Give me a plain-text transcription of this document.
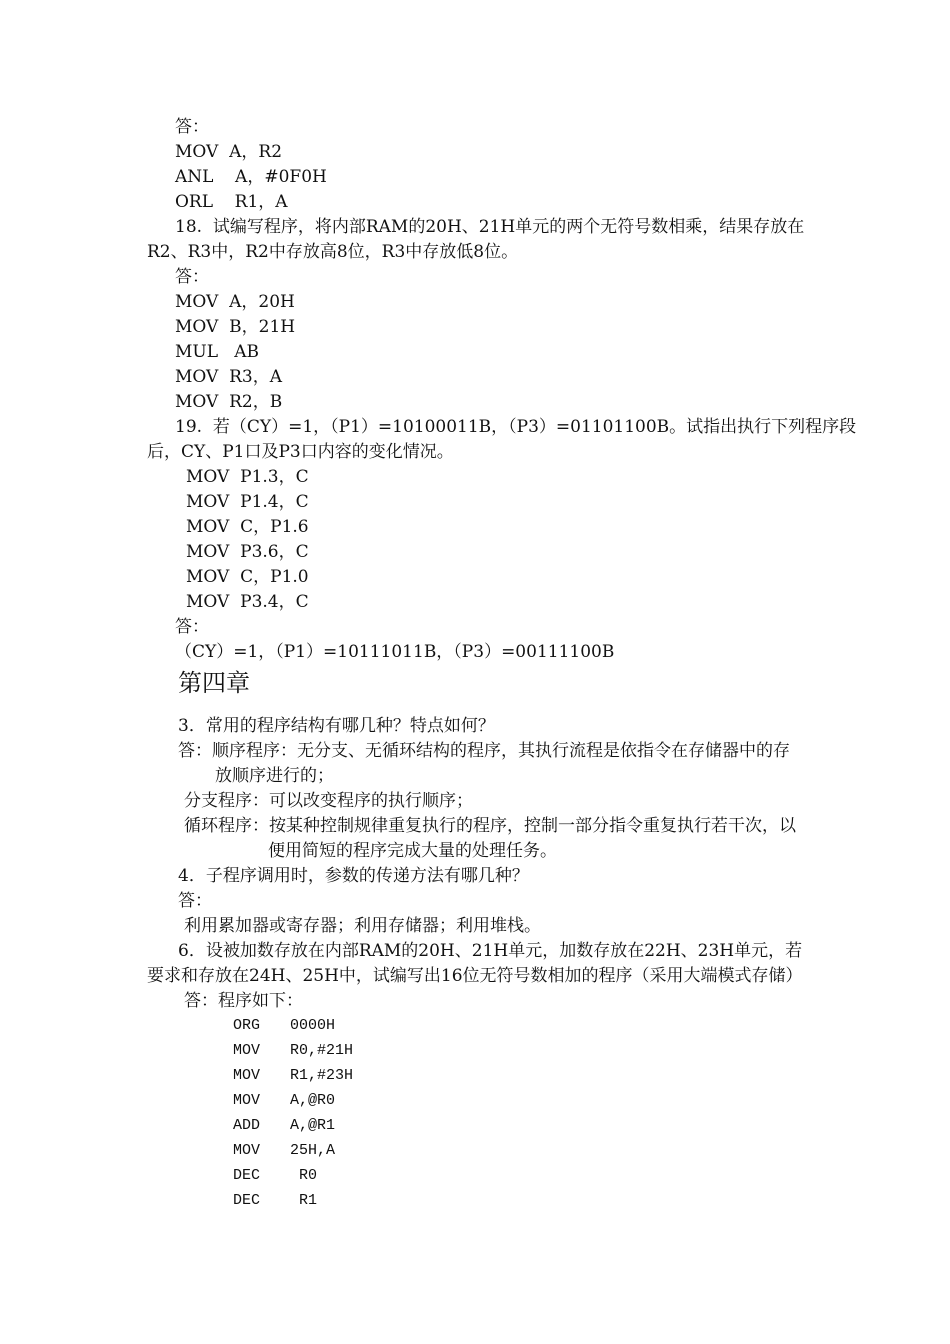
答：
MOV  A，R2
ANL    A，#0F0H
ORL    R1，A
18.  试编写程序，将内部RAM的20H、21H单元的两个无符号数相乘，结果存放在
R2、R3中，R2中存放高8位，R3中存放低8位。
答：
MOV  A，20H
MOV  B，21H
MUL   AB
MOV  R3，A
MOV  R2，B
19.  若（CY）=1，（P1）=10100011B，（P3）=01101100B。试指出执行下列程序段
后，CY、P1口及P3口内容的变化情况。
MOV  P1.3，C
MOV  P1.4，C
MOV  C，P1.6
MOV  P3.6，C
MOV  C，P1.0
MOV  P3.4，C
答：
（CY）=1，（P1）=10111011B，（P3）=00111100B
第四章
3．常用的程序结构有哪几种？特点如何？
答：顺序程序：无分支、无循环结构的程序，其执行流程是依指令在存储器中的存
放顺序进行的；
分支程序：可以改变程序的执行顺序；
循环程序：按某种控制规律重复执行的程序，控制一部分指令重复执行若干次，以
便用简短的程序完成大量的处理任务。
4．子程序调用时，参数的传递方法有哪几种？
答：
利用累加器或寄存器；利用存储器；利用堆栈。
6．设被加数存放在内部RAM的20H、21H单元，加数存放在22H、23H单元，若
要求和存放在24H、25H中，试编写出16位无符号数相加的程序（采用大端模式存储）
答：程序如下：
ORG 0000H
MOV R0,#21H
MOV R1,#23H
MOV A,@R0
ADD A,@R1
MOV 25H,A
DEC R0
DEC R1
